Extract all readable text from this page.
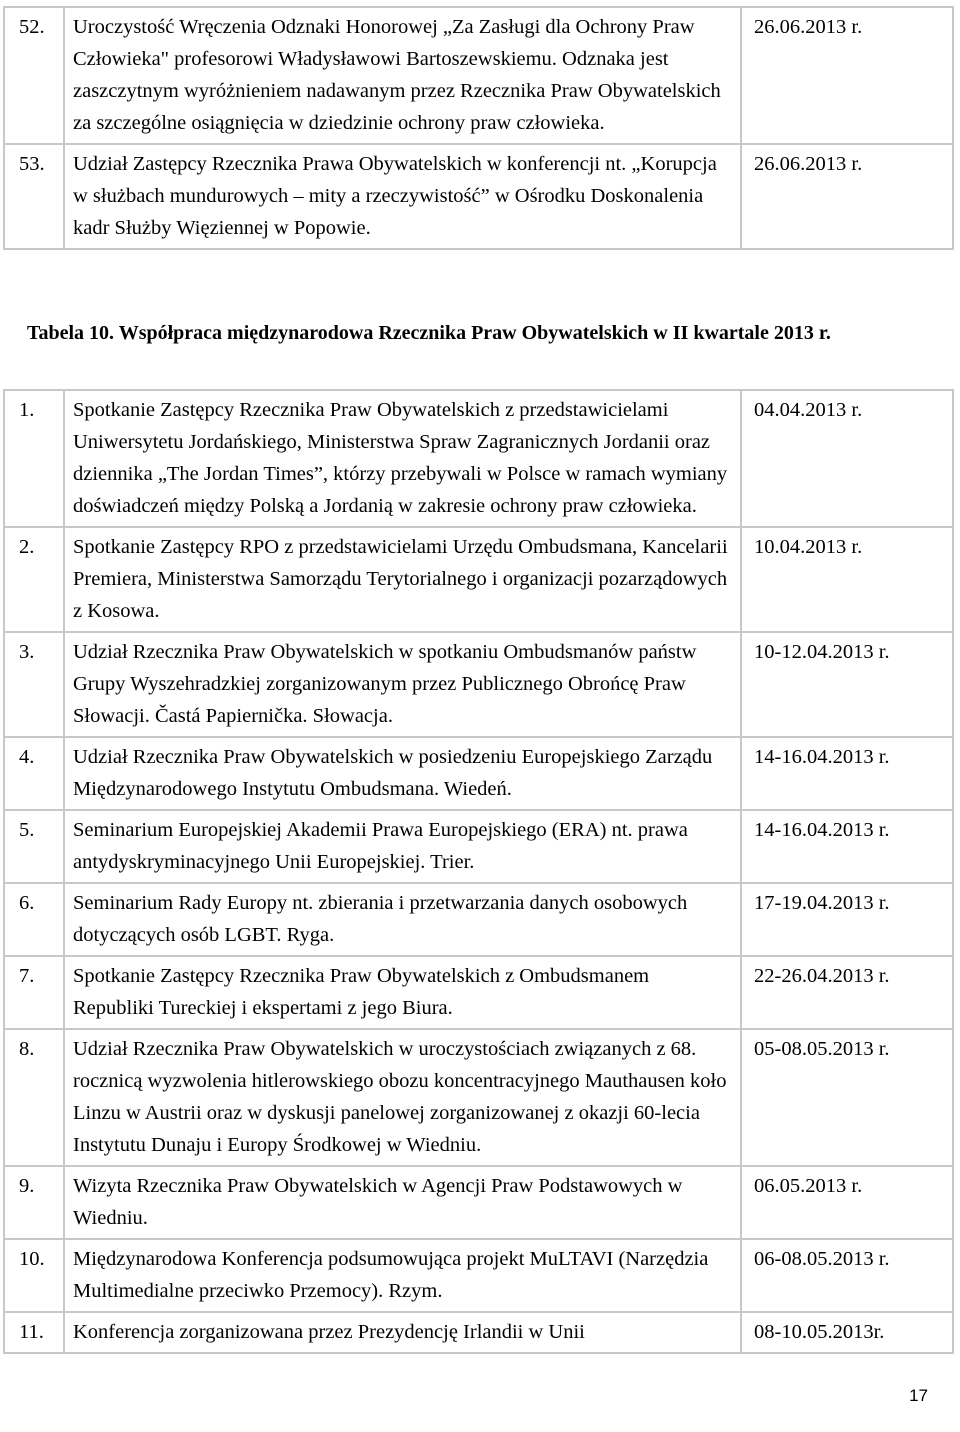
52.	Uroczystość Wręczenia Odznaki Honorowej „Za Zasługi dla Ochrony Praw Człowieka" profesorowi Władysławowi Bartoszewskiemu. Odznaka jest zaszczytnym wyróżnieniem nadawanym przez Rzecznika Praw Obywatelskich za szczególne osiągnięcia w dziedzinie ochrony praw człowieka.	26.06.2013 r.
53.	Udział Zastępcy Rzecznika Prawa Obywatelskich w konferencji nt. „Korupcja w służbach mundurowych – mity a rzeczywistość” w Ośrodku Doskonalenia kadr Służby Więziennej w Popowie.	26.06.2013 r.
Tabela 10. Współpraca międzynarodowa Rzecznika Praw Obywatelskich w II kwartale 2013 r.
1.	Spotkanie Zastępcy Rzecznika Praw Obywatelskich z przedstawicielami Uniwersytetu Jordańskiego, Ministerstwa Spraw Zagranicznych Jordanii oraz dziennika „The Jordan Times”, którzy przebywali w Polsce w ramach wymiany doświadczeń między Polską a Jordanią w zakresie ochrony praw człowieka.	04.04.2013 r.
2.	Spotkanie Zastępcy RPO z przedstawicielami Urzędu Ombudsmana, Kancelarii Premiera, Ministerstwa Samorządu Terytorialnego i organizacji pozarządowych z Kosowa.	10.04.2013 r.
3.	Udział Rzecznika Praw Obywatelskich w spotkaniu Ombudsmanów państw Grupy Wyszehradzkiej zorganizowanym przez Publicznego Obrońcę Praw Słowacji. Častá Papiernička. Słowacja.	10-12.04.2013 r.
4.	Udział Rzecznika Praw Obywatelskich w posiedzeniu Europejskiego Zarządu Międzynarodowego Instytutu Ombudsmana. Wiedeń.	14-16.04.2013 r.
5.	Seminarium Europejskiej Akademii Prawa Europejskiego (ERA) nt. prawa antydyskryminacyjnego Unii Europejskiej. Trier.	14-16.04.2013 r.
6.	Seminarium Rady Europy nt. zbierania i przetwarzania danych osobowych dotyczących osób LGBT. Ryga.	17-19.04.2013 r.
7.	Spotkanie Zastępcy Rzecznika Praw Obywatelskich z Ombudsmanem Republiki Tureckiej i ekspertami z jego Biura.	22-26.04.2013 r.
8.	Udział Rzecznika Praw Obywatelskich w uroczystościach związanych z 68. rocznicą wyzwolenia hitlerowskiego obozu koncentracyjnego Mauthausen koło Linzu w Austrii oraz w dyskusji panelowej zorganizowanej z okazji 60-lecia Instytutu Dunaju i Europy Środkowej w Wiedniu.	05-08.05.2013 r.
9.	Wizyta Rzecznika Praw Obywatelskich w Agencji Praw Podstawowych w Wiedniu.	06.05.2013 r.
10.	Międzynarodowa Konferencja podsumowująca projekt MuLTAVI (Narzędzia Multimedialne przeciwko Przemocy). Rzym.	06-08.05.2013 r.
11.	Konferencja zorganizowana przez Prezydencję Irlandii w Unii	08-10.05.2013r.
17
